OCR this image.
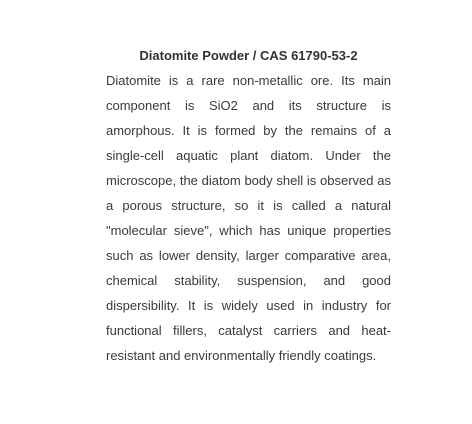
Diatomite Powder / CAS 61790-53-2

Diatomite is a rare non-metallic ore. Its main component is SiO2 and its structure is amorphous. It is formed by the remains of a single-cell aquatic plant diatom. Under the microscope, the diatom body shell is observed as a porous structure, so it is called a natural "molecular sieve", which has unique properties such as lower density, larger comparative area, chemical stability, suspension, and good dispersibility. It is widely used in industry for functional fillers, catalyst carriers and heat-resistant and environmentally friendly coatings.
